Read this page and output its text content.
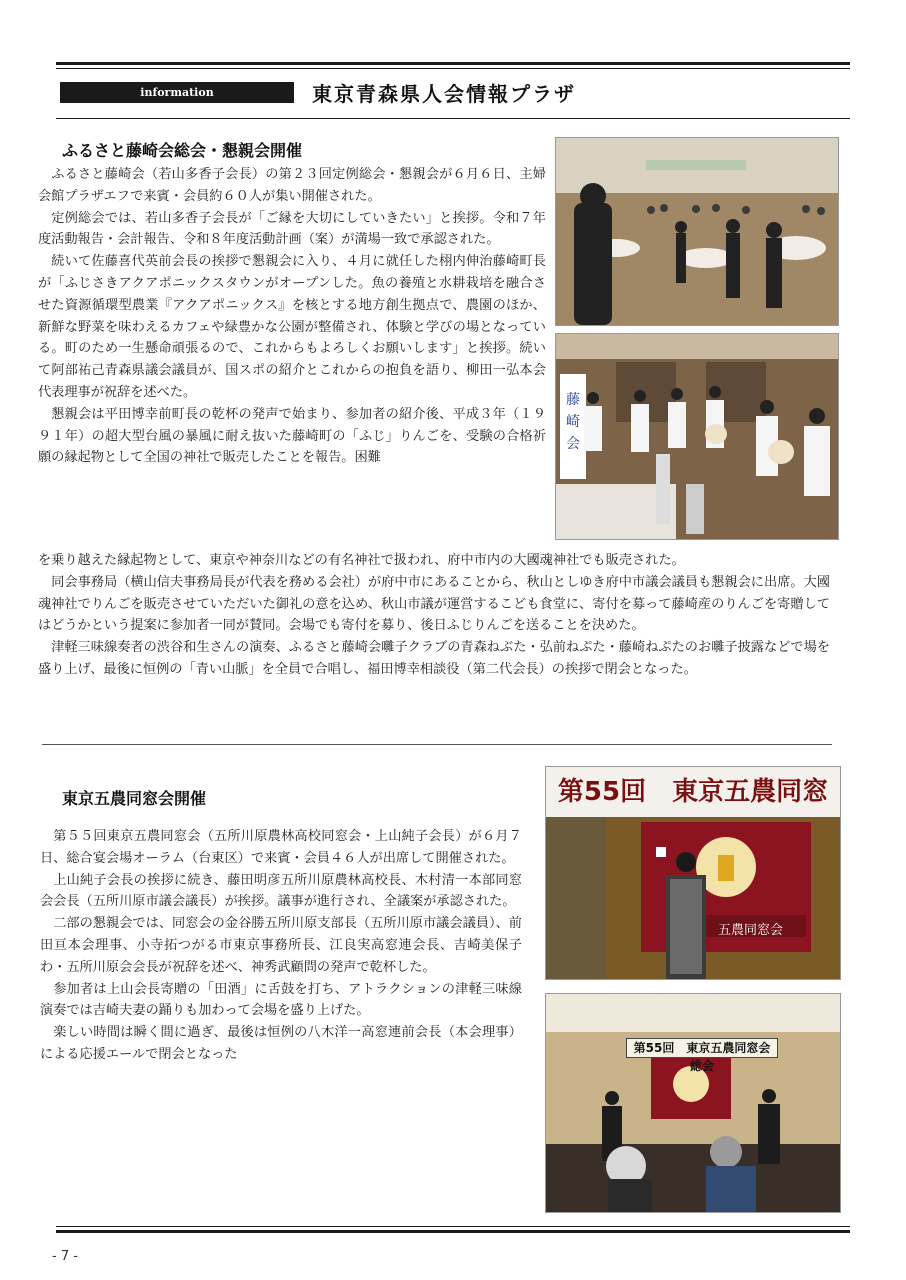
information	東京青森県人会情報プラザ
ふるさと藤崎会総会・懇親会開催

ふるさと藤崎会（若山多香子会長）の第２３回定例総会・懇親会が６月６日、主婦会館プラザエフで来賓・会員約６０人が集い開催された。

定例総会では、若山多香子会長が「ご縁を大切にしていきたい」と挨拶。令和７年度活動報告・会計報告、令和８年度活動計画（案）が満場一致で承認された。

続いて佐藤喜代英前会長の挨拶で懇親会に入り、４月に就任した栩内伸治藤崎町長が「ふじさきアクアポニックスタウンがオープンした。魚の養殖と水耕栽培を融合させた資源循環型農業『アクアポニックス』を核とする地方創生拠点で、農園のほか、新鮮な野菜を味わえるカフェや緑豊かな公園が整備され、体験と学びの場となっている。町のため一生懸命頑張るので、これからもよろしくお願いします」と挨拶。続いて阿部祐己青森県議会議員が、国スポの紹介とこれからの抱負を語り、柳田一弘本会代表理事が祝辞を述べた。

懇親会は平田博幸前町長の乾杯の発声で始まり、参加者の紹介後、平成３年（１９９１年）の超大型台風の暴風に耐え抜いた藤崎町の「ふじ」りんごを、受験の合格祈願の縁起物として全国の神社で販売したことを報告。困難

を乗り越えた縁起物として、東京や神奈川などの有名神社で扱われ、府中市内の大國魂神社でも販売された。

同会事務局（横山信夫事務局長が代表を務める会社）が府中市にあることから、秋山としゆき府中市議会議員も懇親会に出席。大國魂神社でりんごを販売させていただいた御礼の意を込め、秋山市議が運営するこども食堂に、寄付を募って藤崎産のりんごを寄贈してはどうかという提案に参加者一同が賛同。会場でも寄付を募り、後日ふじりんごを送ることを決めた。

津軽三味線奏者の渋谷和生さんの演奏、ふるさと藤崎会囃子クラブの青森ねぶた・弘前ねぷた・藤崎ねぷたのお囃子披露などで場を盛り上げ、最後に恒例の「青い山脈」を全員で合唱し、福田博幸相談役（第二代会長）の挨拶で閉会となった。

藤
崎
会
東京五農同窓会開催

第５５回東京五農同窓会（五所川原農林高校同窓会・上山純子会長）が６月７日、総合宴会場オーラム（台東区）で来賓・会員４６人が出席して開催された。

上山純子会長の挨拶に続き、藤田明彦五所川原農林高校長、木村清一本部同窓会会長（五所川原市議会議長）が挨拶。議事が進行され、全議案が承認された。

二部の懇親会では、同窓会の金谷勝五所川原支部長（五所川原市議会議員）、前田亘本会理事、小寺拓つがる市東京事務所長、江良実高窓連会長、吉崎美保子わ・五所川原会会長が祝辞を述べ、神秀武顧問の発声で乾杯した。

参加者は上山会長寄贈の「田酒」に舌鼓を打ち、アトラクションの津軽三味線演奏では吉崎夫妻の踊りも加わって会場を盛り上げた。

楽しい時間は瞬く間に過ぎ、最後は恒例の八木洋一高窓連前会長（本会理事）による応援エールで閉会となった

第55回　東京五農同窓
五農同窓会
第55回　東京五農同窓会　総会
- 7 -
